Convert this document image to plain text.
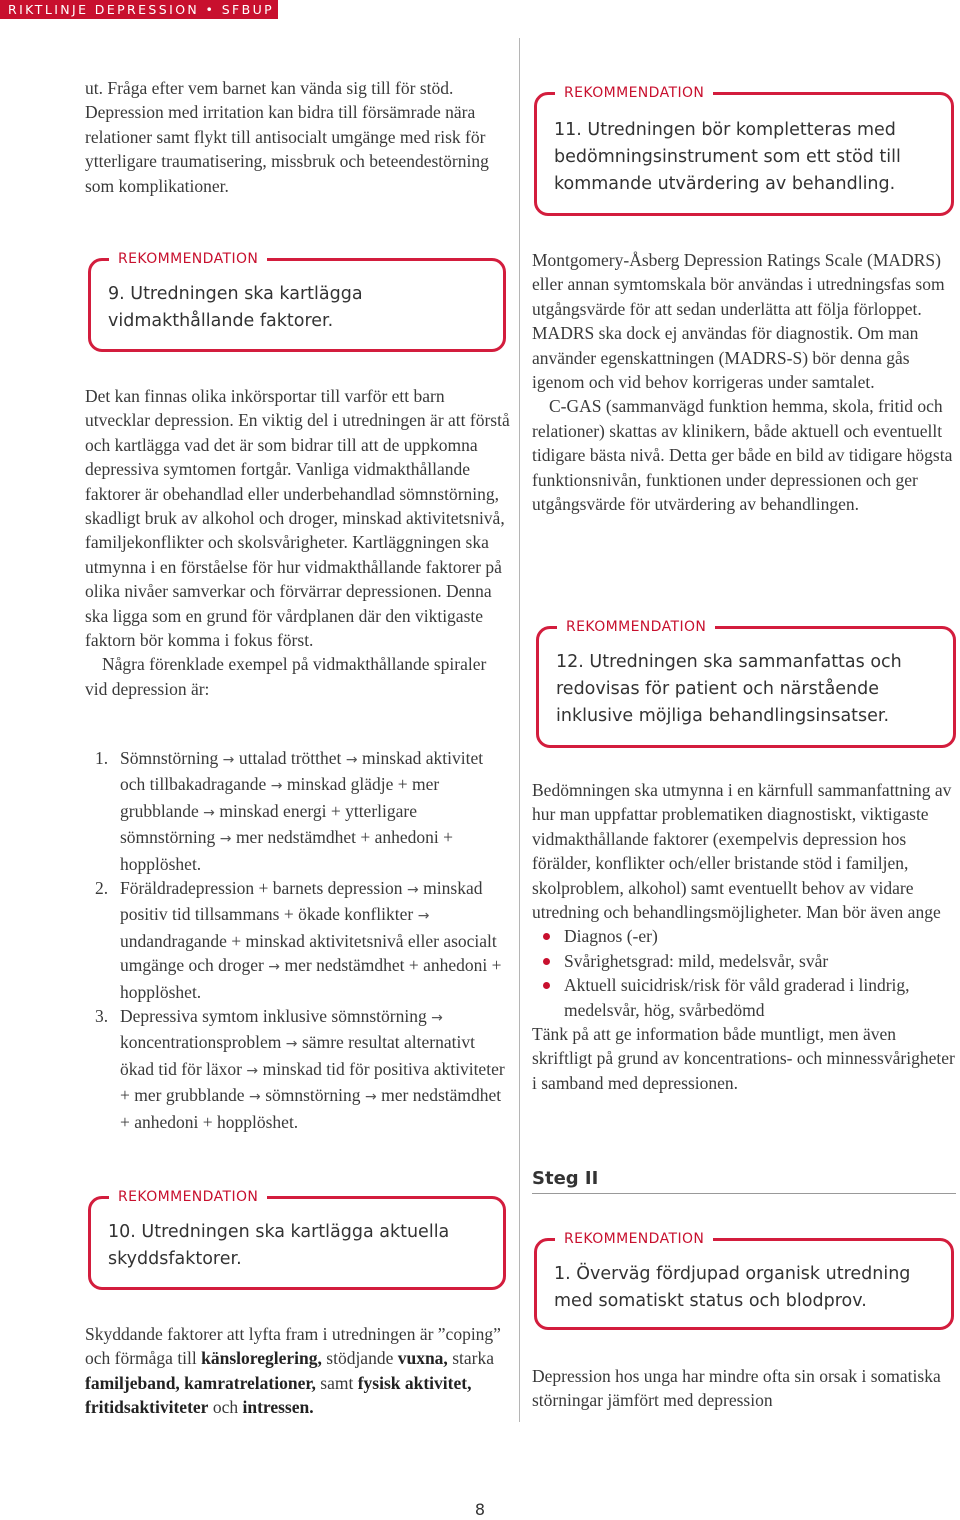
RIKTLINJE DEPRESSION • SFBUP

ut. Fråga efter vem barnet kan vända sig till för stöd. Depression med irritation kan bidra till försämrade nära relationer samt flykt till antisocialt umgänge med risk för ytterligare traumatisering, missbruk och beteendestörning som komplikationer.

REKOMMENDATION
9. Utredningen ska kartlägga vidmakthållande faktorer.

Det kan finnas olika inkörsportar till varför ett barn utvecklar depression. En viktig del i utredningen är att förstå och kartlägga vad det är som bidrar till att de uppkomna depressiva symtomen fortgår. Vanliga vidmakthållande faktorer är obehandlad eller underbehandlad sömnstörning, skadligt bruk av alkohol och droger, minskad aktivitetsnivå, familjekonflikter och skolsvårigheter. Kartläggningen ska utmynna i en förståelse för hur vidmakthållande faktorer på olika nivåer samverkar och förvärrar depressionen. Denna ska ligga som en grund för vårdplanen där den viktigaste faktorn bör komma i fokus först.

Några förenklade exempel på vidmakthållande spiraler vid depression är:

1. Sömnstörning → uttalad trötthet → minskad aktivitet och tillbakadragande → minskad glädje + mer grubblande → minskad energi + ytterligare sömnstörning → mer nedstämdhet + anhedoni + hopplöshet.
2. Föräldradepression + barnets depression → minskad positiv tid tillsammans + ökade konflikter → undandragande + minskad aktivitetsnivå eller asocialt umgänge och droger → mer nedstämdhet + anhedoni + hopplöshet.
3. Depressiva symtom inklusive sömnstörning → koncentrationsproblem → sämre resultat alternativt ökad tid för läxor → minskad tid för positiva aktiviteter + mer grubblande → sömnstörning → mer nedstämdhet + anhedoni + hopplöshet.
REKOMMENDATION
10. Utredningen ska kartlägga aktuella skyddsfaktorer.

Skyddande faktorer att lyfta fram i utredningen är ”coping” och förmåga till känsloreglering, stödjande vuxna, starka familjeband, kamratrelationer, samt fysisk aktivitet, fritidsaktiviteter och intressen.

REKOMMENDATION
11. Utredningen bör kompletteras med bedömningsinstrument som ett stöd till kommande utvärdering av behandling.

Montgomery-Åsberg Depression Ratings Scale (MADRS) eller annan symtomskala bör användas i utredningsfas som utgångsvärde för att sedan underlätta att följa förloppet. MADRS ska dock ej användas för diagnostik. Om man använder egenskattningen (MADRS-S) bör denna gås igenom och vid behov korrigeras under samtalet.

C-GAS (sammanvägd funktion hemma, skola, fritid och relationer) skattas av klinikern, både aktuell och eventuellt tidigare bästa nivå. Detta ger både en bild av tidigare högsta funktionsnivån, funktionen under depressionen och ger utgångsvärde för utvärdering av behandlingen.

REKOMMENDATION
12. Utredningen ska sammanfattas och redovisas för patient och närstående inklusive möjliga behandlingsinsatser.

Bedömningen ska utmynna i en kärnfull sammanfattning av hur man uppfattar problematiken diagnostiskt, viktigaste vidmakthållande faktorer (exempelvis depression hos förälder, konflikter och/eller bristande stöd i familjen, skolproblem, alkohol) samt eventuellt behov av vidare utredning och behandlingsmöjligheter. Man bör även ange

Diagnos (-er)
Svårighetsgrad: mild, medelsvår, svår
Aktuell suicidrisk/risk för våld graderad i lindrig, medelsvår, hög, svårbedömd

Tänk på att ge information både muntligt, men även skriftligt på grund av koncentrations- och minnessvårigheter i samband med depressionen.

Steg II
REKOMMENDATION
1. Överväg fördjupad organisk utredning med somatiskt status och blodprov.

Depression hos unga har mindre ofta sin orsak i somatiska störningar jämfört med depression

8
